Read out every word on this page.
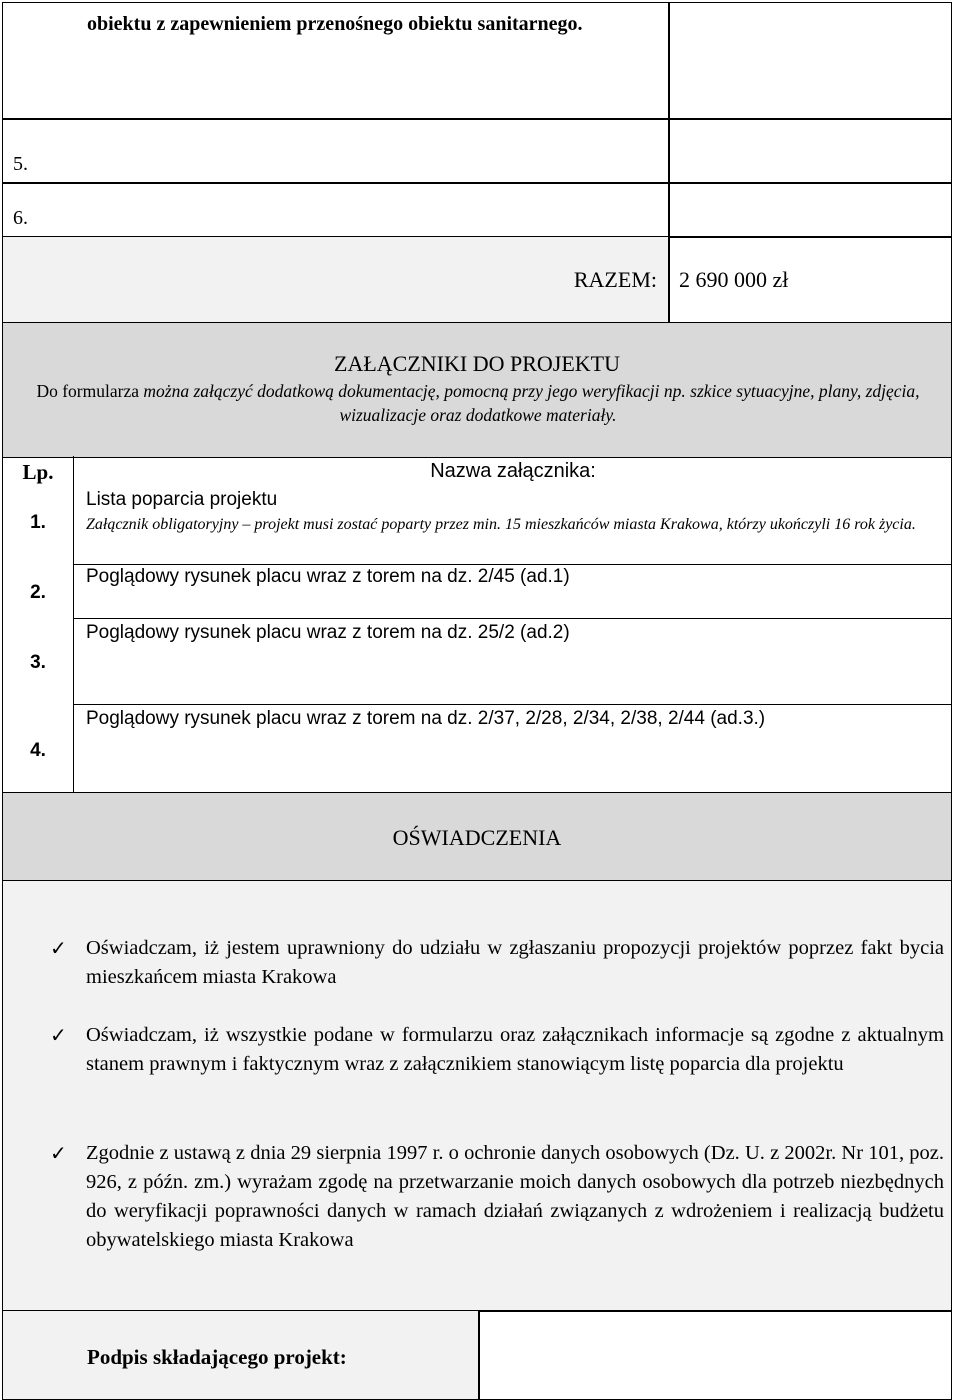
obiektu z zapewnieniem przenośnego obiektu sanitarnego.
5.
6.
RAZEM: 2 690 000 zł
ZAŁĄCZNIKI DO PROJEKTU
Do formularza można załączyć dodatkową dokumentację, pomocną przy jego weryfikacji np. szkice sytuacyjne, plany, zdjęcia, wizualizacje oraz dodatkowe materiały.
Lp.	Nazwa załącznika:
1.
Lista poparcia projektu
Załącznik obligatoryjny – projekt musi zostać poparty przez min. 15 mieszkańców miasta Krakowa, którzy ukończyli 16 rok życia.
2.
Poglądowy rysunek placu wraz z torem na dz. 2/45 (ad.1)
3.
Poglądowy rysunek placu wraz z torem na dz. 25/2 (ad.2)
4.
Poglądowy rysunek placu wraz z torem na dz. 2/37, 2/28, 2/34, 2/38, 2/44 (ad.3.)
OŚWIADCZENIA
✓ Oświadczam, iż jestem uprawniony do udziału w zgłaszaniu propozycji projektów poprzez fakt bycia mieszkańcem miasta Krakowa
✓ Oświadczam, iż wszystkie podane w formularzu oraz załącznikach informacje są zgodne z aktualnym stanem prawnym i faktycznym wraz z załącznikiem stanowiącym listę poparcia dla projektu
✓ Zgodnie z ustawą z dnia 29 sierpnia 1997 r. o ochronie danych osobowych (Dz. U. z 2002r. Nr 101, poz. 926, z późn. zm.) wyrażam zgodę na przetwarzanie moich danych osobowych dla potrzeb niezbędnych do weryfikacji poprawności danych w ramach działań związanych z wdrożeniem i realizacją budżetu obywatelskiego miasta Krakowa
Podpis składającego projekt:
